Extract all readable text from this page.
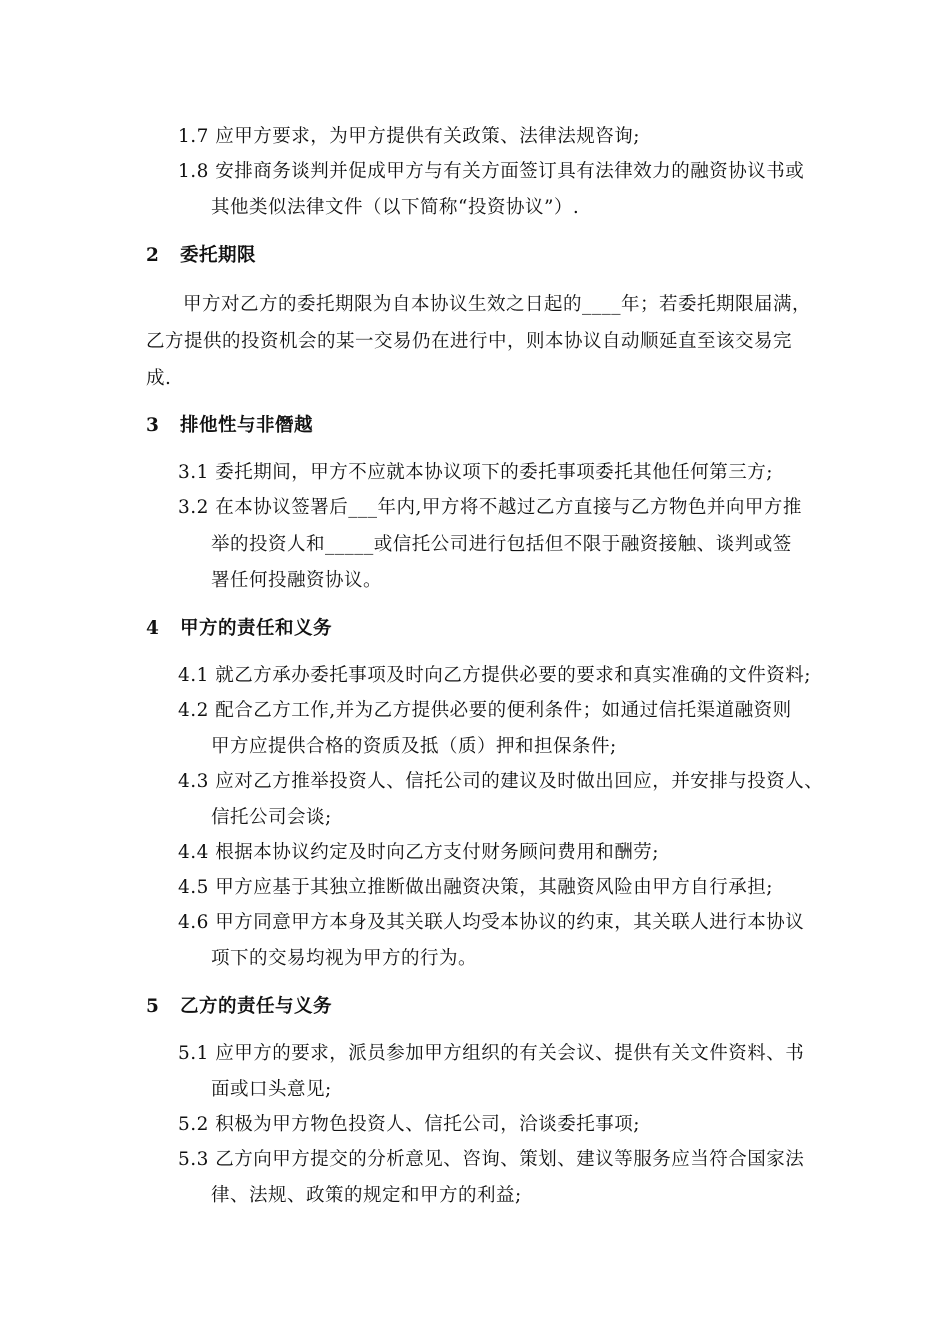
1.7 应甲方要求，为甲方提供有关政策、法律法规咨询;

1.8 安排商务谈判并促成甲方与有关方面签订具有法律效力的融资协议书或

其他类似法律文件（以下简称“投资协议”）.

2 委托期限

甲方对乙方的委托期限为自本协议生效之日起的____年；若委托期限届满，

乙方提供的投资机会的某一交易仍在进行中，则本协议自动顺延直至该交易完

成.

3 排他性与非僭越

3.1 委托期间，甲方不应就本协议项下的委托事项委托其他任何第三方;

3.2 在本协议签署后___年内,甲方将不越过乙方直接与乙方物色并向甲方推

举的投资人和_____或信托公司进行包括但不限于融资接触、谈判或签

署任何投融资协议。

4 甲方的责任和义务

4.1 就乙方承办委托事项及时向乙方提供必要的要求和真实准确的文件资料;

4.2 配合乙方工作,并为乙方提供必要的便利条件；如通过信托渠道融资则

甲方应提供合格的资质及抵（质）押和担保条件;

4.3 应对乙方推举投资人、信托公司的建议及时做出回应，并安排与投资人、

信托公司会谈;

4.4 根据本协议约定及时向乙方支付财务顾问费用和酬劳;

4.5 甲方应基于其独立推断做出融资决策，其融资风险由甲方自行承担;

4.6 甲方同意甲方本身及其关联人均受本协议的约束，其关联人进行本协议

项下的交易均视为甲方的行为。

5 乙方的责任与义务

5.1 应甲方的要求，派员参加甲方组织的有关会议、提供有关文件资料、书

面或口头意见;

5.2 积极为甲方物色投资人、信托公司，洽谈委托事项;

5.3 乙方向甲方提交的分析意见、咨询、策划、建议等服务应当符合国家法

律、法规、政策的规定和甲方的利益;
